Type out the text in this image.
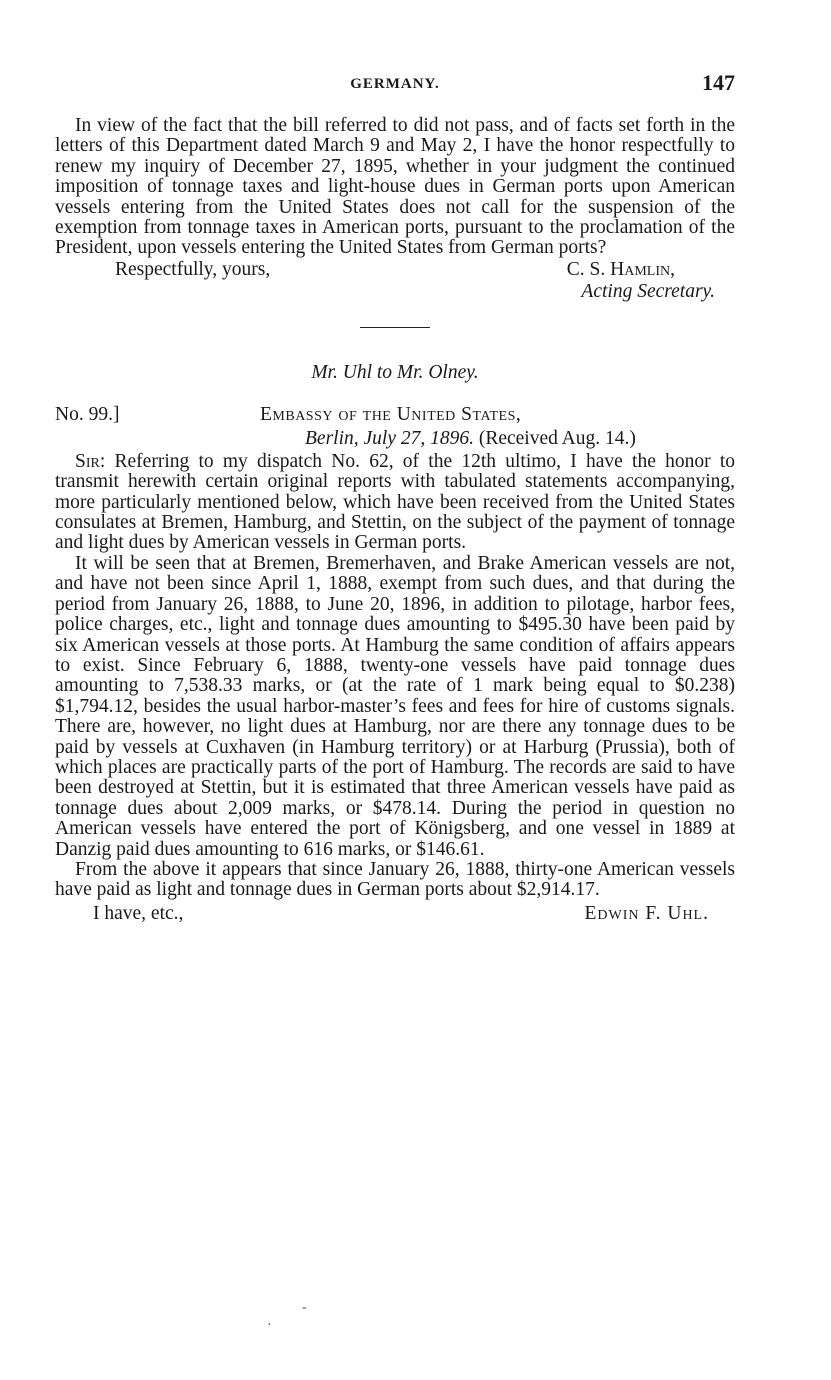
GERMANY.	147

In view of the fact that the bill referred to did not pass, and of facts set forth in the letters of this Department dated March 9 and May 2, I have the honor respectfully to renew my inquiry of December 27, 1895, whether in your judgment the continued imposition of tonnage taxes and light-house dues in German ports upon American vessels entering from the United States does not call for the suspension of the exemption from tonnage taxes in American ports, pursuant to the proclamation of the President, upon vessels entering the United States from German ports?

Respectfully, yours,	C. S. Hamlin,
Acting Secretary.
Mr. Uhl to Mr. Olney.
No. 99.]	Embassy of the United States,
Berlin, July 27, 1896. (Received Aug. 14.)

Sir: Referring to my dispatch No. 62, of the 12th ultimo, I have the honor to transmit herewith certain original reports with tabulated statements accompanying, more particularly mentioned below, which have been received from the United States consulates at Bremen, Hamburg, and Stettin, on the subject of the payment of tonnage and light dues by American vessels in German ports.

It will be seen that at Bremen, Bremerhaven, and Brake American vessels are not, and have not been since April 1, 1888, exempt from such dues, and that during the period from January 26, 1888, to June 20, 1896, in addition to pilotage, harbor fees, police charges, etc., light and tonnage dues amounting to $495.30 have been paid by six American vessels at those ports. At Hamburg the same condition of affairs appears to exist. Since February 6, 1888, twenty-one vessels have paid tonnage dues amounting to 7,538.33 marks, or (at the rate of 1 mark being equal to $0.238) $1,794.12, besides the usual harbor-master’s fees and fees for hire of customs signals. There are, however, no light dues at Hamburg, nor are there any tonnage dues to be paid by vessels at Cuxhaven (in Hamburg territory) or at Harburg (Prussia), both of which places are practically parts of the port of Hamburg. The records are said to have been destroyed at Stettin, but it is estimated that three American vessels have paid as tonnage dues about 2,009 marks, or $478.14. During the period in question no American vessels have entered the port of Königsberg, and one vessel in 1889 at Danzig paid dues amounting to 616 marks, or $146.61.

From the above it appears that since January 26, 1888, thirty-one American vessels have paid as light and tonnage dues in German ports about $2,914.17.

I have, etc.,	Edwin F. Uhl.
-
·
